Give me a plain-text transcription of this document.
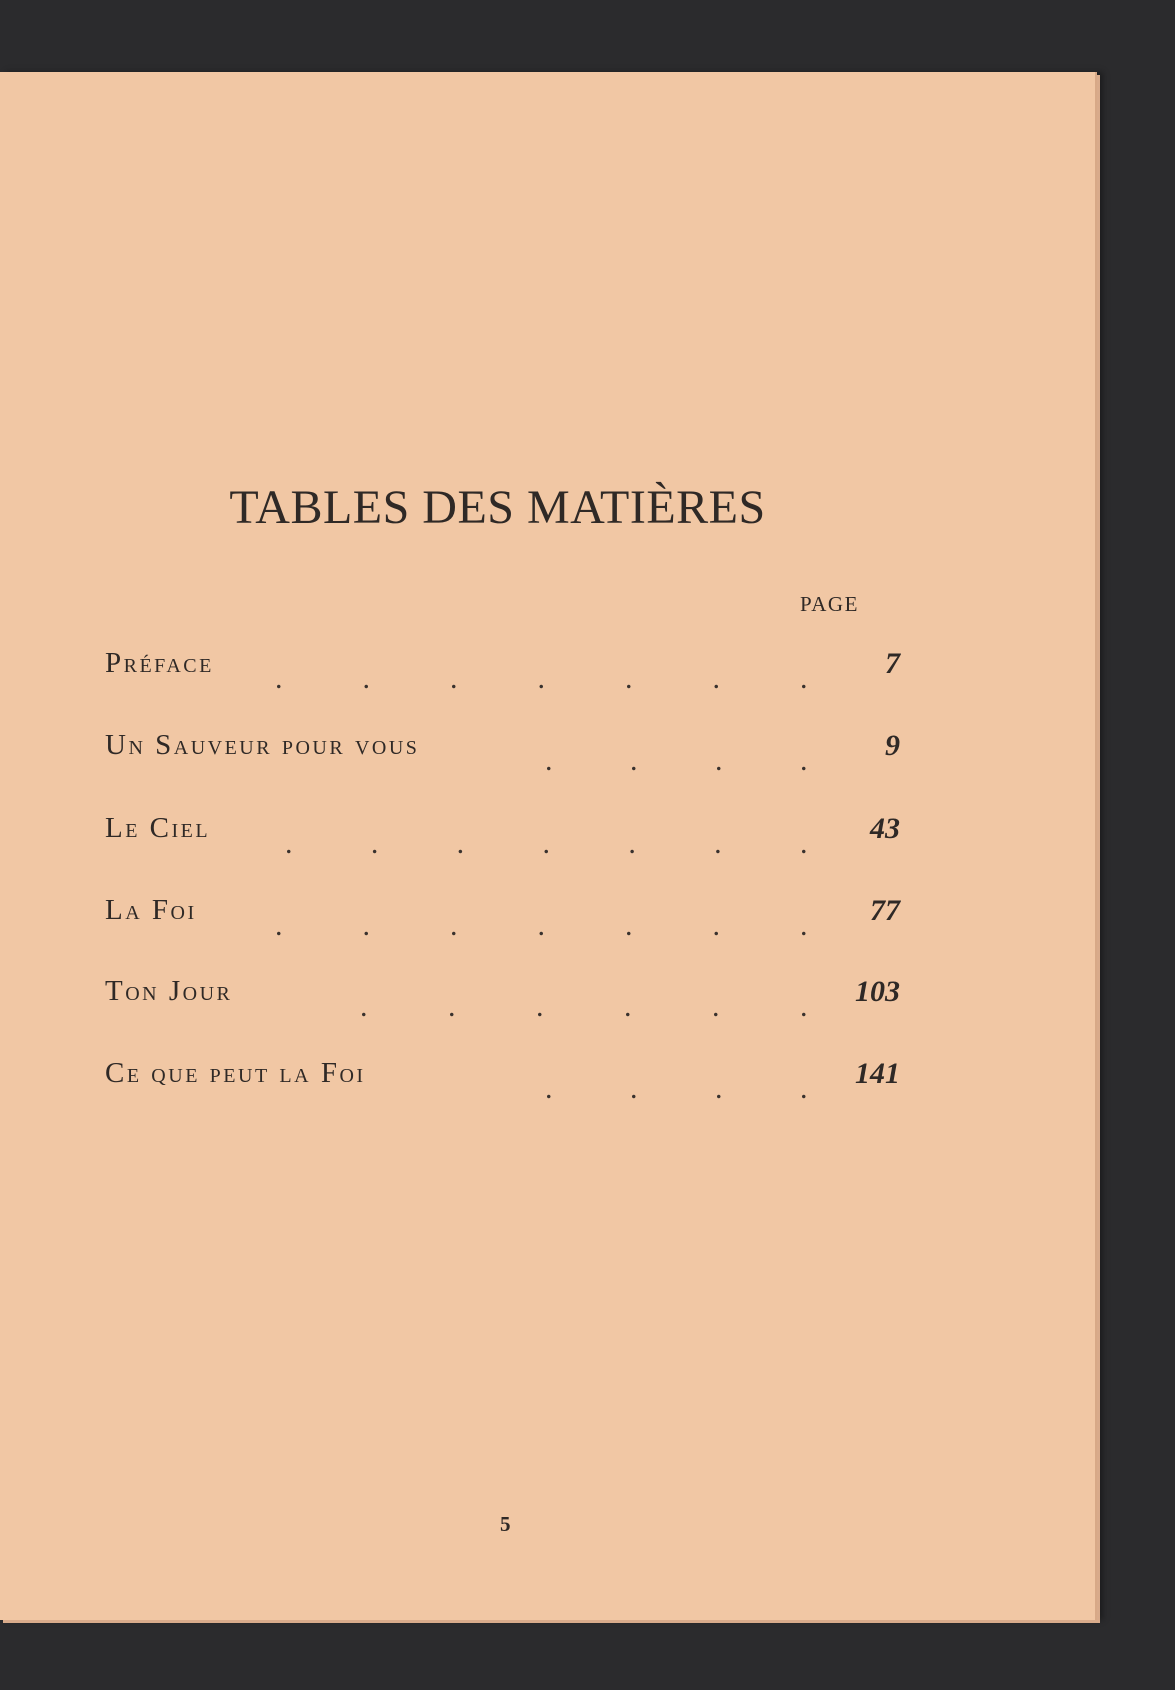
TABLES DES MATIÈRES
PAGE
Préface .	.	.	.	.	.	.	7
Un Sauveur pour vous	.	.	.	.	9
Le Ciel .	.	.	.	.	.	. 43
La Foi	.	.	.	.	.	.	. 77
Ton Jour	.	.	.	.	.	. 103
Ce que peut la Foi	.	.	.	. 141
5
